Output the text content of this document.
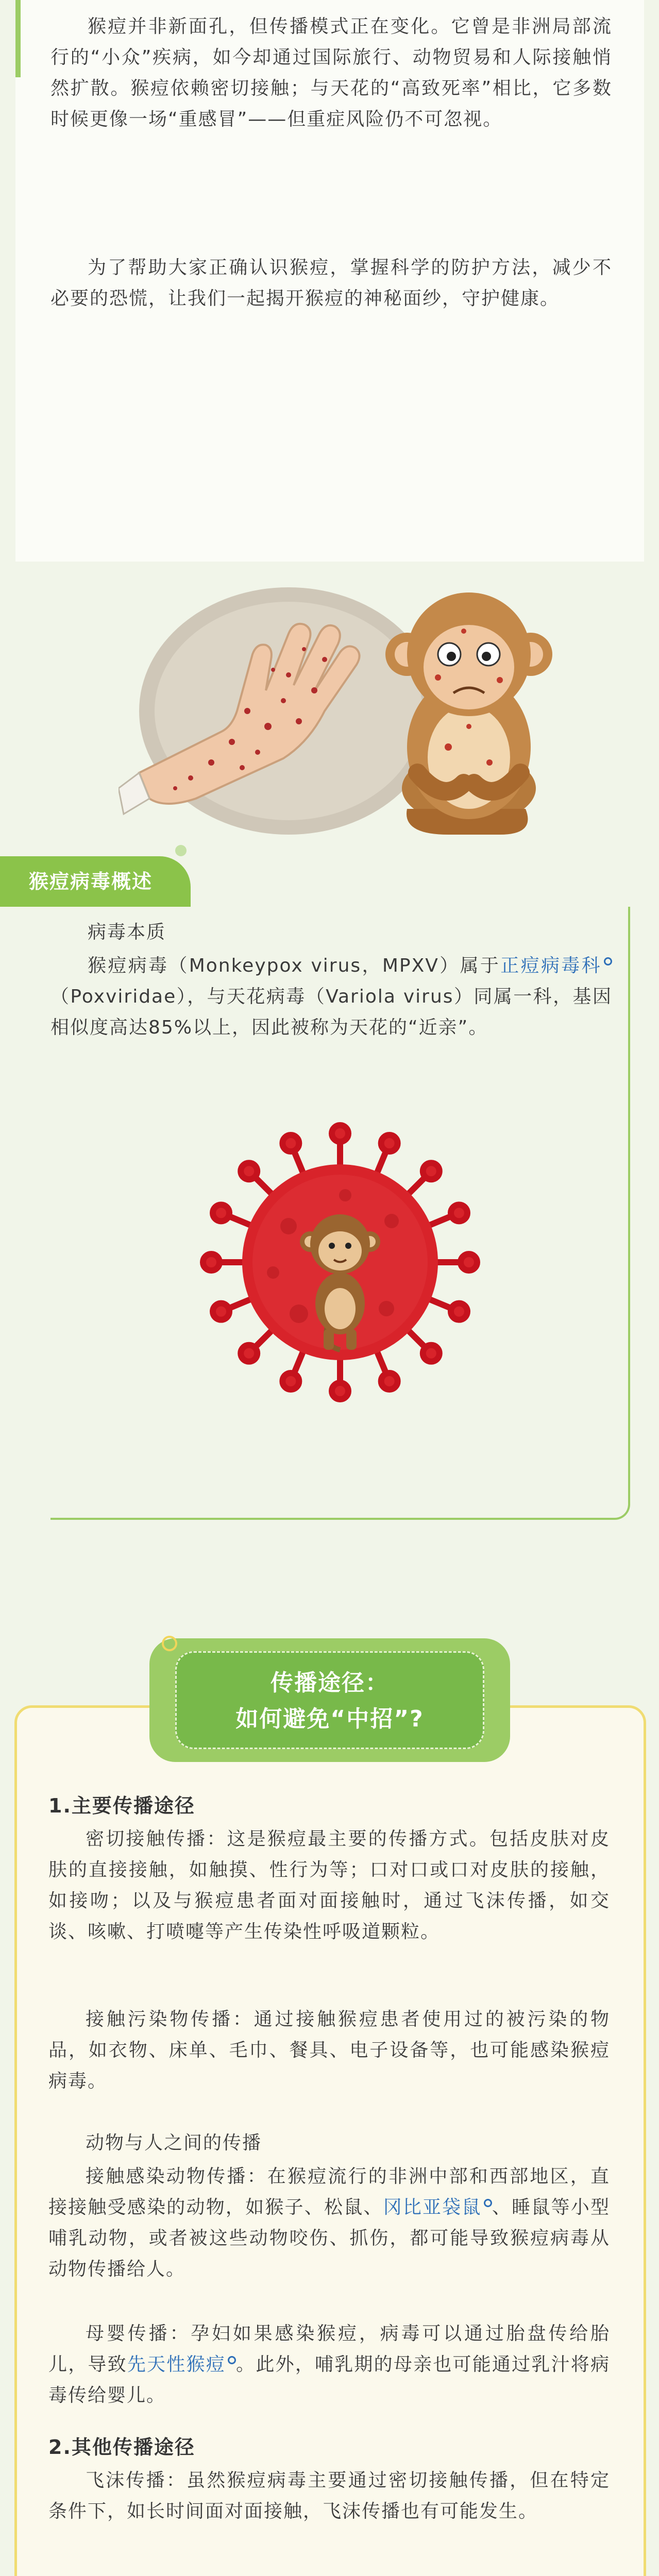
猴痘并非新面孔，但传播模式正在变化。它曾是非洲局部流行的“小众”疾病，如今却通过国际旅行、动物贸易和人际接触悄然扩散。猴痘依赖密切接触；与天花的“高致死率”相比，它多数时候更像一场“重感冒”——但重症风险仍不可忽视。
为了帮助大家正确认识猴痘，掌握科学的防护方法，减少不必要的恐慌，让我们一起揭开猴痘的神秘面纱，守护健康。
猴痘病毒概述
病毒本质
猴痘病毒（Monkeypox virus，MPXV）属于正痘病毒科（Poxviridae），与天花病毒（Variola virus）同属一科，基因相似度高达85%以上，因此被称为天花的“近亲”。
传播途径：
如何避免“中招”?
1.主要传播途径
密切接触传播：这是猴痘最主要的传播方式。包括皮肤对皮肤的直接接触，如触摸、性行为等；口对口或口对皮肤的接触，如接吻；以及与猴痘患者面对面接触时，通过飞沫传播，如交谈、咳嗽、打喷嚏等产生传染性呼吸道颗粒。
接触污染物传播：通过接触猴痘患者使用过的被污染的物品，如衣物、床单、毛巾、餐具、电子设备等，也可能感染猴痘病毒。
动物与人之间的传播
接触感染动物传播：在猴痘流行的非洲中部和西部地区，直接接触受感染的动物，如猴子、松鼠、冈比亚袋鼠 、睡鼠等小型哺乳动物，或者被这些动物咬伤、抓伤，都可能导致猴痘病毒从动物传播给人。
母婴传播：孕妇如果感染猴痘，病毒可以通过胎盘传给胎儿，导致先天性猴痘 。此外，哺乳期的母亲也可能通过乳汁将病毒传给婴儿。
2.其他传播途径
飞沫传播：虽然猴痘病毒主要通过密切接触传播，但在特定条件下，如长时间面对面接触，飞沫传播也有可能发生。
